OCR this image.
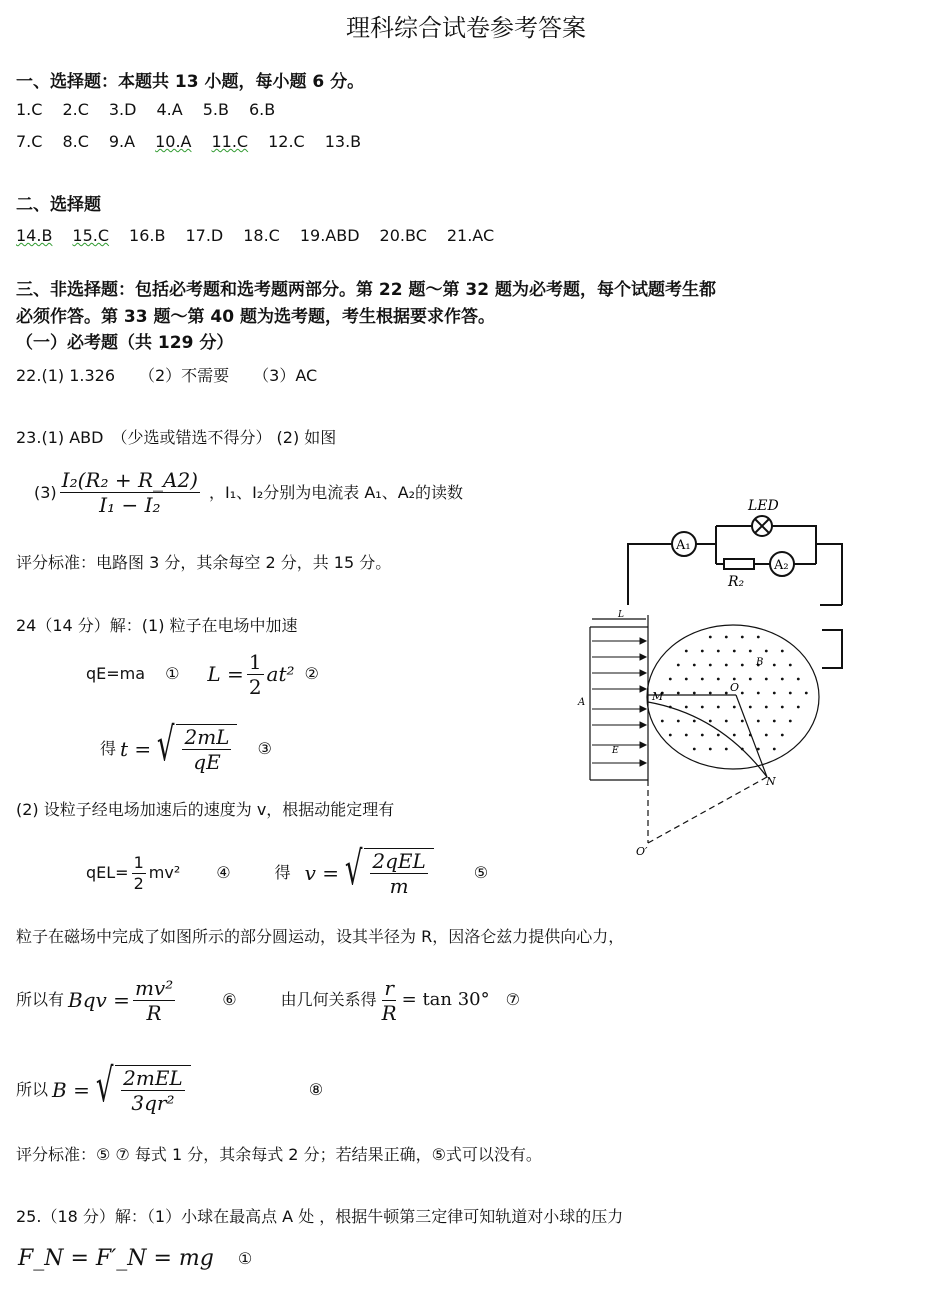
理科综合试卷参考答案
一、选择题：本题共 13 小题，每小题 6 分。
1.C 2.C 3.D 4.A 5.B 6.B
7.C 8.C 9.A 10.A 11.C 12.C 13.B
二、选择题
14.B 15.C 16.B 17.D 18.C 19.ABD 20.BC 21.AC
三、非选择题：包括必考题和选考题两部分。第 22 题～第 32 题为必考题，每个试题考生都
必须作答。第 33 题～第 40 题为选考题，考生根据要求作答。
（一）必考题（共 129 分）
22.(1) 1.326　　（2）不需要　　（3）AC
23.(1) ABD　（少选或错选不得分） (2) 如图
$(3) \frac{\text{I₂(R₂ + R\_A2)}}{\text{I₁ − I₂}}$ ，I₁、I₂分别为电流表 A₁、A₂的读数
评分标准：电路图 3 分，其余每空 2 分，共 15 分。
24（14 分）解：(1) 粒子在电场中加速
qE=ma ① $L = \frac{1}{2} at^2$ ②
得 t = √ $\frac{2mL}{qE}$ ③
(2) 设粒子经电场加速后的速度为 v，根据动能定理有
$qEL= \frac{1}{2} mv^2$ ④	得 v = √ $\frac{\text{2qEL}}{m}$	⑤
粒子在磁场中完成了如图所示的部分圆运动，设其半径为 R，因洛仑兹力提供向心力，
所以有 Bqv = $\frac{\text{mv²}}{R}$	⑥	由几何关系得 $\frac{r}{R} = \tan 30^\circ$ ⑦
所以 B = √ $\frac{\text{2mEL}}{\text{3qr²}}$	⑧
评分标准：⑤ ⑦ 每式 1 分，其余每式 2 分；若结果正确，⑤式可以没有。
25.（18 分）解：（1）小球在最高点 A 处 ，根据牛顿第三定律可知轨道对小球的压力
F_N = F′_N = mg ①
LED
A₁
A₂
R₂
L
A
E
M
O
B
N
O′
